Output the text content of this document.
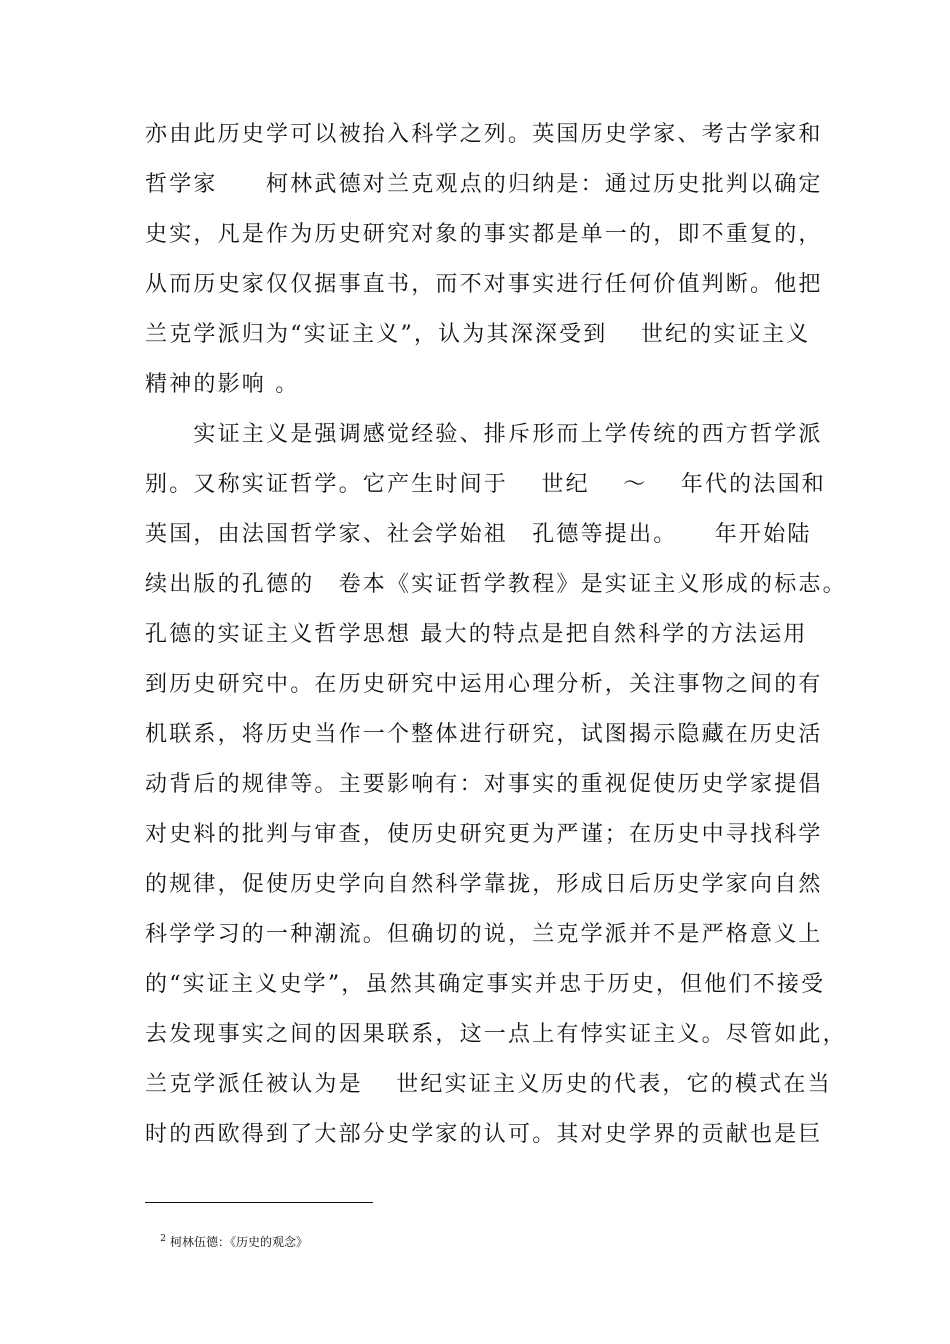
亦由此历史学可以被抬入科学之列。英国历史学家、考古学家和
哲学家　　柯林武德对兰克观点的归纳是：通过历史批判以确定
史实，凡是作为历史研究对象的事实都是单一的，即不重复的，
从而历史家仅仅据事直书，而不对事实进行任何价值判断。他把
兰克学派归为“实证主义”，认为其深深受到　 世纪的实证主义
精神的影响 。
　　实证主义是强调感觉经验、排斥形而上学传统的西方哲学派
别。又称实证哲学。它产生时间于　 世纪　 ～　 年代的法国和
英国，由法国哲学家、社会学始祖　孔德等提出。　　年开始陆
续出版的孔德的　卷本《实证哲学教程》是实证主义形成的标志。
孔德的实证主义哲学思想 最大的特点是把自然科学的方法运用
到历史研究中。在历史研究中运用心理分析，关注事物之间的有
机联系，将历史当作一个整体进行研究，试图揭示隐藏在历史活
动背后的规律等。主要影响有：对事实的重视促使历史学家提倡
对史料的批判与审查，使历史研究更为严谨；在历史中寻找科学
的规律，促使历史学向自然科学靠拢，形成日后历史学家向自然
科学学习的一种潮流。但确切的说，兰克学派并不是严格意义上
的“实证主义史学”，虽然其确定事实并忠于历史，但他们不接受
去发现事实之间的因果联系，这一点上有悖实证主义。尽管如此，
兰克学派任被认为是　 世纪实证主义历史的代表，它的模式在当
时的西欧得到了大部分史学家的认可。其对史学界的贡献也是巨

$^2$ 柯林伍德：《历史的观念》
